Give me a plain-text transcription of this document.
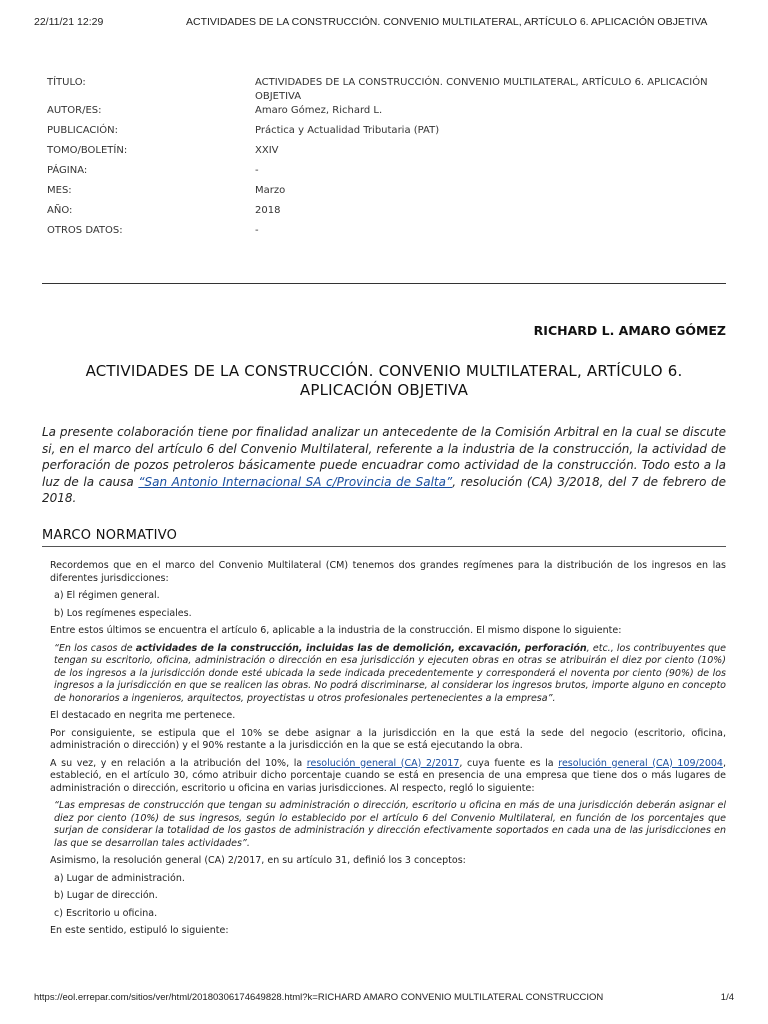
22/11/21 12:29	ACTIVIDADES DE LA CONSTRUCCIÓN. CONVENIO MULTILATERAL, ARTÍCULO 6. APLICACIÓN OBJETIVA
TÍTULO:	ACTIVIDADES DE LA CONSTRUCCIÓN. CONVENIO MULTILATERAL, ARTÍCULO 6. APLICACIÓN OBJETIVA
AUTOR/ES:	Amaro Gómez, Richard L.
PUBLICACIÓN:	Práctica y Actualidad Tributaria (PAT)
TOMO/BOLETÍN:	XXIV
PÁGINA:	-
MES:	Marzo
AÑO:	2018
OTROS DATOS:	-
RICHARD L. AMARO GÓMEZ
ACTIVIDADES DE LA CONSTRUCCIÓN. CONVENIO MULTILATERAL, ARTÍCULO 6. APLICACIÓN OBJETIVA
La presente colaboración tiene por finalidad analizar un antecedente de la Comisión Arbitral en la cual se discute si, en el marco del artículo 6 del Convenio Multilateral, referente a la industria de la construcción, la actividad de perforación de pozos petroleros básicamente puede encuadrar como actividad de la construcción. Todo esto a la luz de la causa “San Antonio Internacional SA c/Provincia de Salta”, resolución (CA) 3/2018, del 7 de febrero de 2018.
MARCO NORMATIVO

Recordemos que en el marco del Convenio Multilateral (CM) tenemos dos grandes regímenes para la distribución de los ingresos en las diferentes jurisdicciones:

a) El régimen general.

b) Los regímenes especiales.

Entre estos últimos se encuentra el artículo 6, aplicable a la industria de la construcción. El mismo dispone lo siguiente:

“En los casos de actividades de la construcción, incluidas las de demolición, excavación, perforación, etc., los contribuyentes que tengan su escritorio, oficina, administración o dirección en esa jurisdicción y ejecuten obras en otras se atribuirán el diez por ciento (10%) de los ingresos a la jurisdicción donde esté ubicada la sede indicada precedentemente y corresponderá el noventa por ciento (90%) de los ingresos a la jurisdicción en que se realicen las obras. No podrá discriminarse, al considerar los ingresos brutos, importe alguno en concepto de honorarios a ingenieros, arquitectos, proyectistas u otros profesionales pertenecientes a la empresa”.

El destacado en negrita me pertenece.

Por consiguiente, se estipula que el 10% se debe asignar a la jurisdicción en la que está la sede del negocio (escritorio, oficina, administración o dirección) y el 90% restante a la jurisdicción en la que se está ejecutando la obra.

A su vez, y en relación a la atribución del 10%, la resolución general (CA) 2/2017, cuya fuente es la resolución general (CA) 109/2004, estableció, en el artículo 30, cómo atribuir dicho porcentaje cuando se está en presencia de una empresa que tiene dos o más lugares de administración o dirección, escritorio u oficina en varias jurisdicciones. Al respecto, regló lo siguiente:

“Las empresas de construcción que tengan su administración o dirección, escritorio u oficina en más de una jurisdicción deberán asignar el diez por ciento (10%) de sus ingresos, según lo establecido por el artículo 6 del Convenio Multilateral, en función de los porcentajes que surjan de considerar la totalidad de los gastos de administración y dirección efectivamente soportados en cada una de las jurisdicciones en las que se desarrollan tales actividades”.

Asimismo, la resolución general (CA) 2/2017, en su artículo 31, definió los 3 conceptos:

a) Lugar de administración.

b) Lugar de dirección.

c) Escritorio u oficina.

En este sentido, estipuló lo siguiente:

https://eol.errepar.com/sitios/ver/html/20180306174649828.html?k=RICHARD AMARO CONVENIO MULTILATERAL CONSTRUCCION	1/4
